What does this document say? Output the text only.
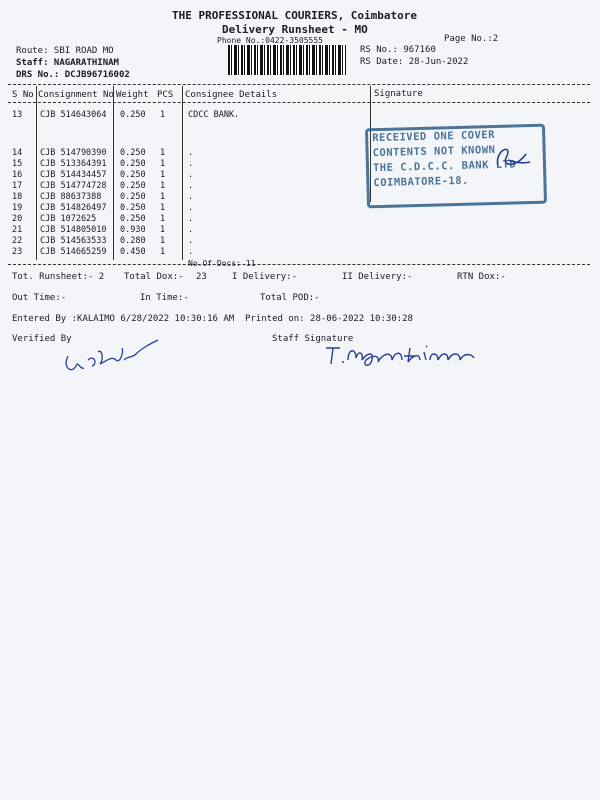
THE PROFESSIONAL COURIERS, Coimbatore
Delivery Runsheet - MO
Phone No.:0422-3505555	Page No.:2
Route: SBI ROAD MO
Staff: NAGARATHINAM
DRS No.: DCJB96716002
RS No.: 967160
RS Date: 28-Jun-2022
S No Consignment No Weight PCS Consignee Details	Signature
13	CJB 514643064	0.250	1	CDCC BANK.

14	CJB 514790390	0.250	1	.
15	CJB 513364391	0.250	1	.
16	CJB 514434457	0.250	1	.
17	CJB 514774728	0.250	1	.
18	CJB 88637388	0.250	1	.
19	CJB 514826497	0.250	1	.
20	CJB 1072625	0.250	1	.
21	CJB 514805010	0.930	1	.
22	CJB 514563533	0.280	1	.
23	CJB 514665259	0.450	1	.
				No.Of Docs: 11
RECEIVED ONE COVER
CONTENTS NOT KNOWN
THE C.D.C.C. BANK LTD
COIMBATORE-18.
Tot. Runsheet:- 2 Total Dox:- 23	I Delivery:-	II Delivery:-	RTN Dox:-
Out Time:-	In Time:-	Total POD:-
Entered By :KALAIMO 6/28/2022 10:30:16 AM Printed on: 28-06-2022 10:30:28
Verified By	Staff Signature
